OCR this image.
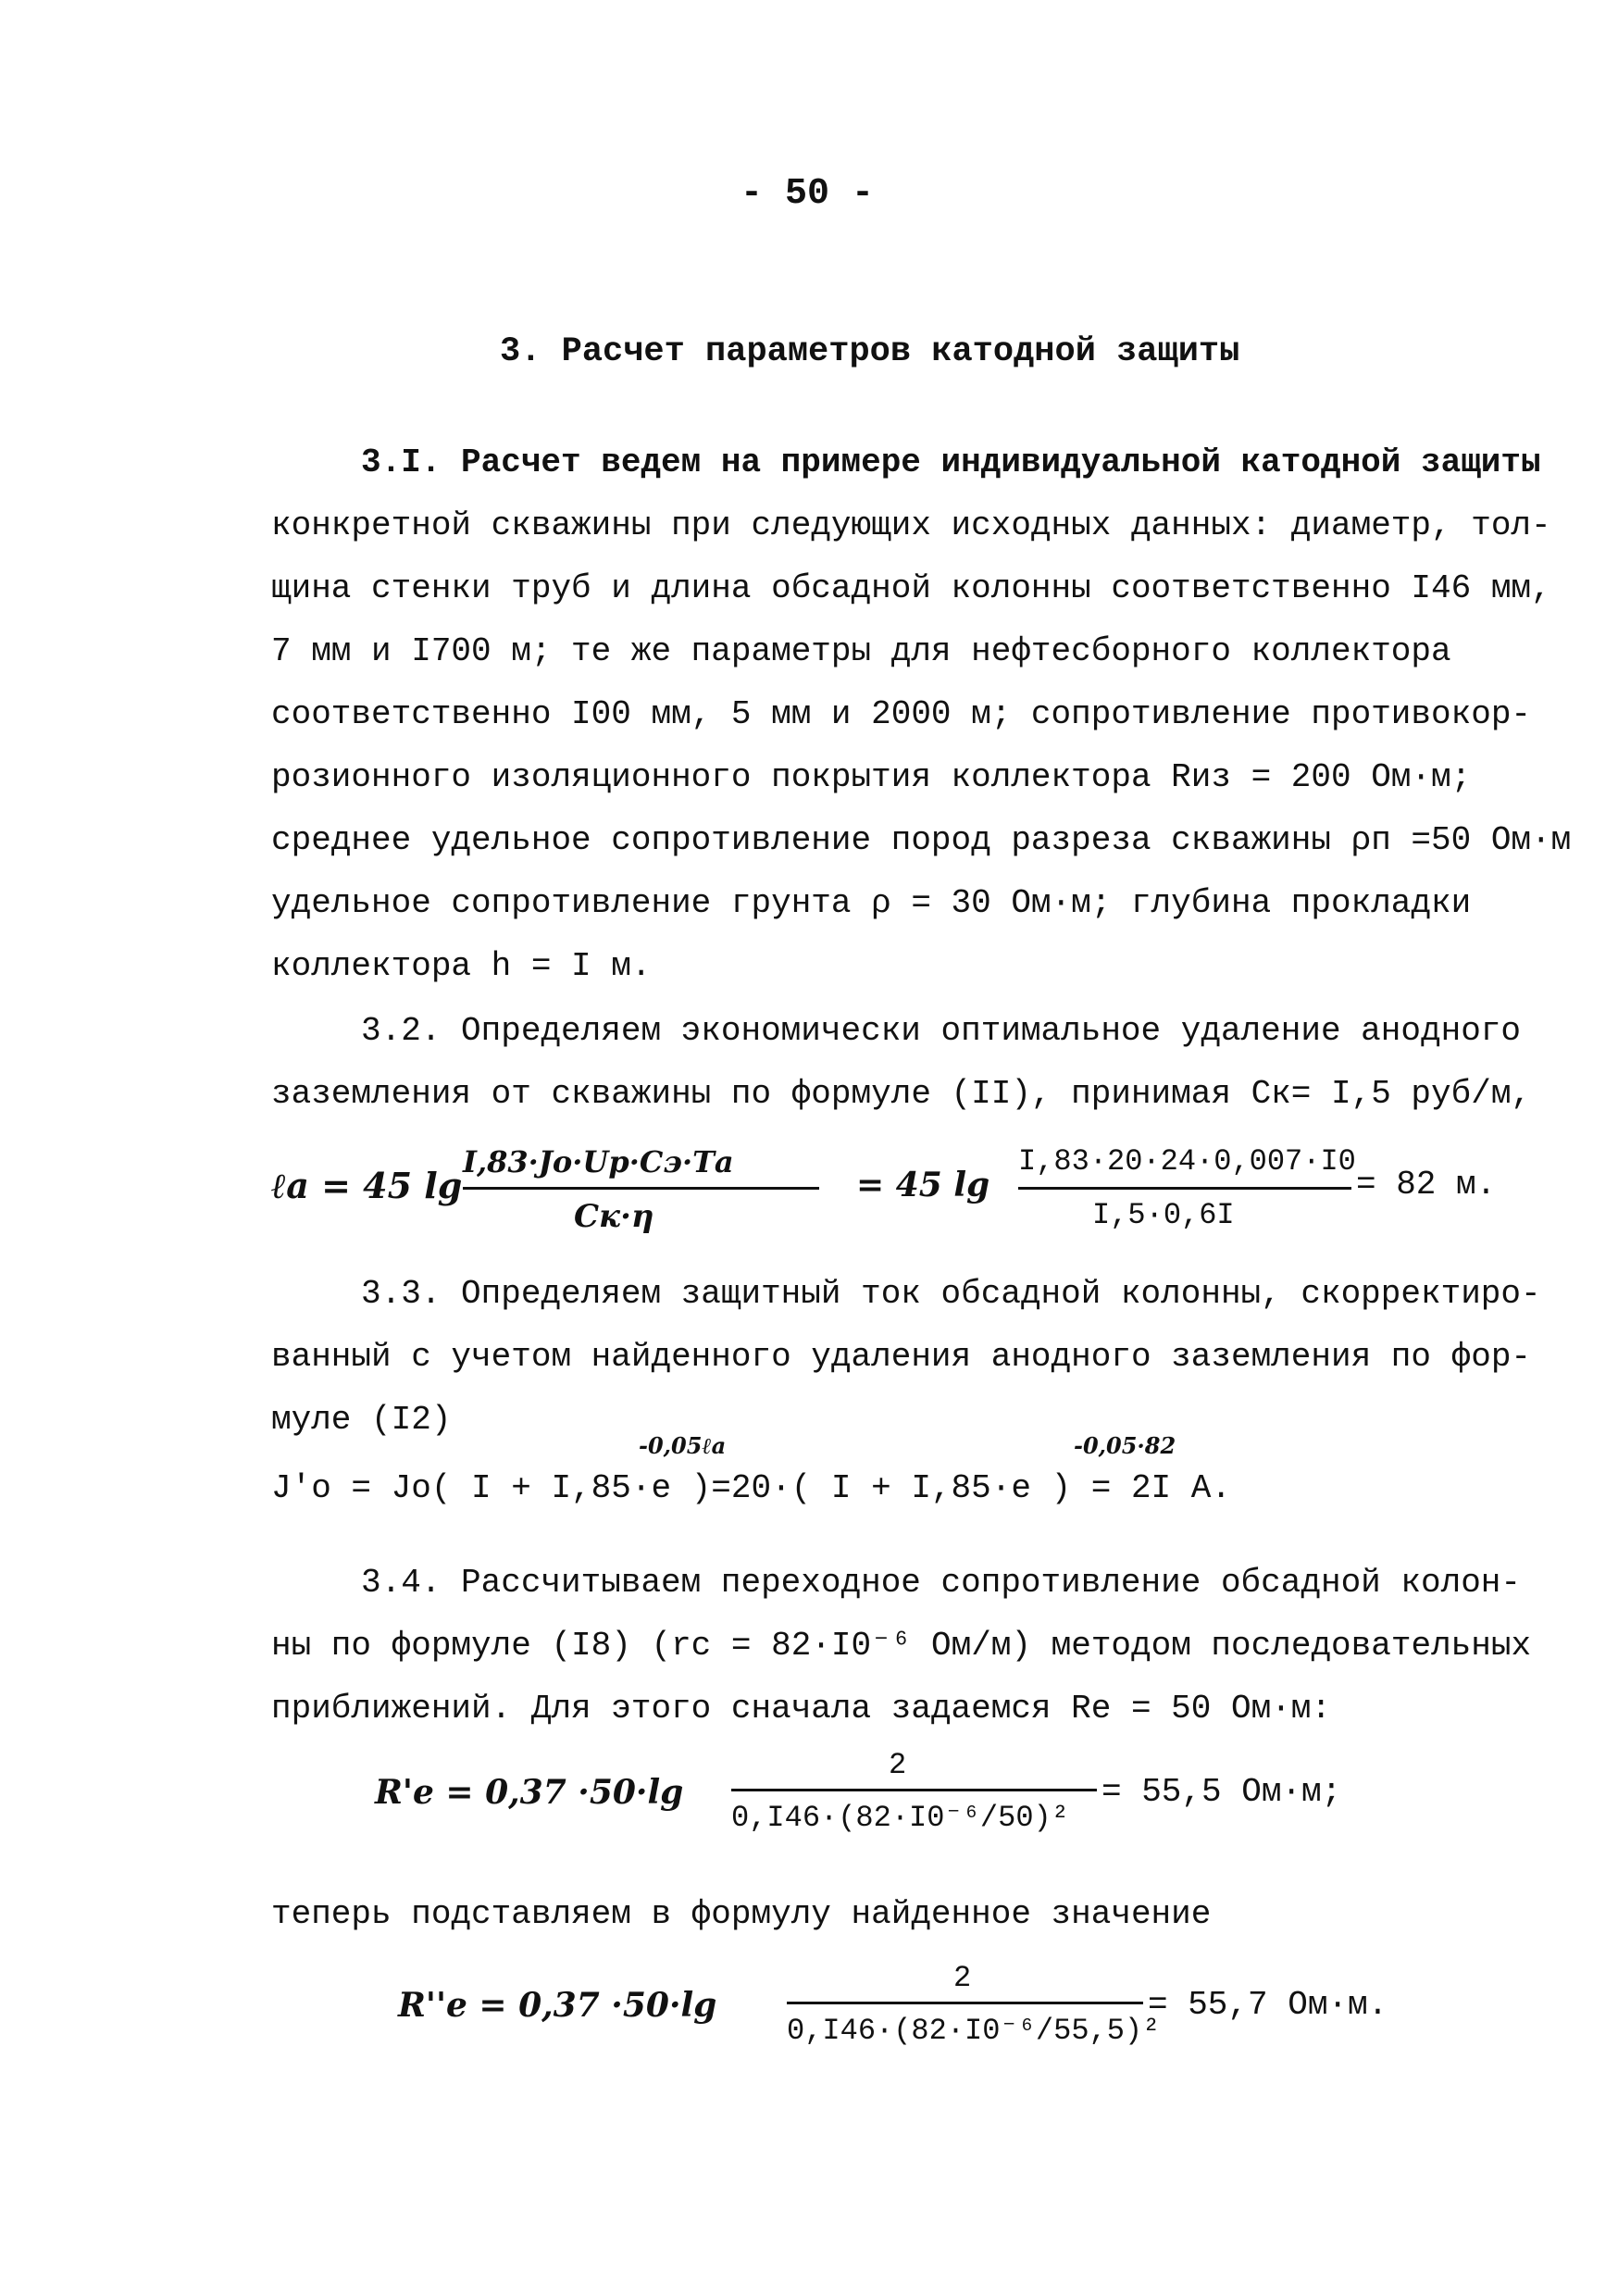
- 50 -
3. Расчет параметров катодной защиты
3.I. Расчет ведем на примере индивидуальной катодной защиты
конкретной скважины при следующих исходных данных: диаметр, тол-
щина стенки труб и длина обсадной колонны соответственно I46 мм,
7 мм и I700 м; те же параметры для нефтесборного коллектора
соответственно I00 мм, 5 мм и 2000 м; сопротивление противокор-
розионного изоляционного покрытия коллектора Rиз = 200 Ом·м;
среднее удельное сопротивление пород разреза скважины ρп =50 Ом·м
удельное сопротивление грунта ρ = 30 Ом·м; глубина прокладки
коллектора h = I м.
3.2. Определяем экономически оптимальное удаление анодного
заземления от скважины по формуле (II), принимая Cк= I,5 руб/м,
ℓа = 45 lg
I,83·Jо·Uр·Cэ·Tа
Cк·η
= 45 lg
I,83·20·24·0,007·I0
I,5·0,6I
= 82 м.
3.3. Определяем защитный ток обсадной колонны, скорректиро-
ванный с учетом найденного удаления анодного заземления по фор-
муле (I2)
-0,05ℓа	-0,05·82
J'о = Jо( I + I,85·e )=20·( I + I,85·e ) = 2I A.
3.4. Рассчитываем переходное сопротивление обсадной колон-
ны по формуле (I8) (rс = 82·I0⁻⁶ Ом/м) методом последовательных
приближений. Для этого сначала задаемся Rе = 50 Ом·м:
R'е = 0,37 ·50·lg
2
0,I46·(82·I0⁻⁶/50)²
= 55,5 Ом·м;
теперь подставляем в формулу найденное значение
R''е = 0,37 ·50·lg
2
0,I46·(82·I0⁻⁶/55,5)²
= 55,7 Ом·м.
